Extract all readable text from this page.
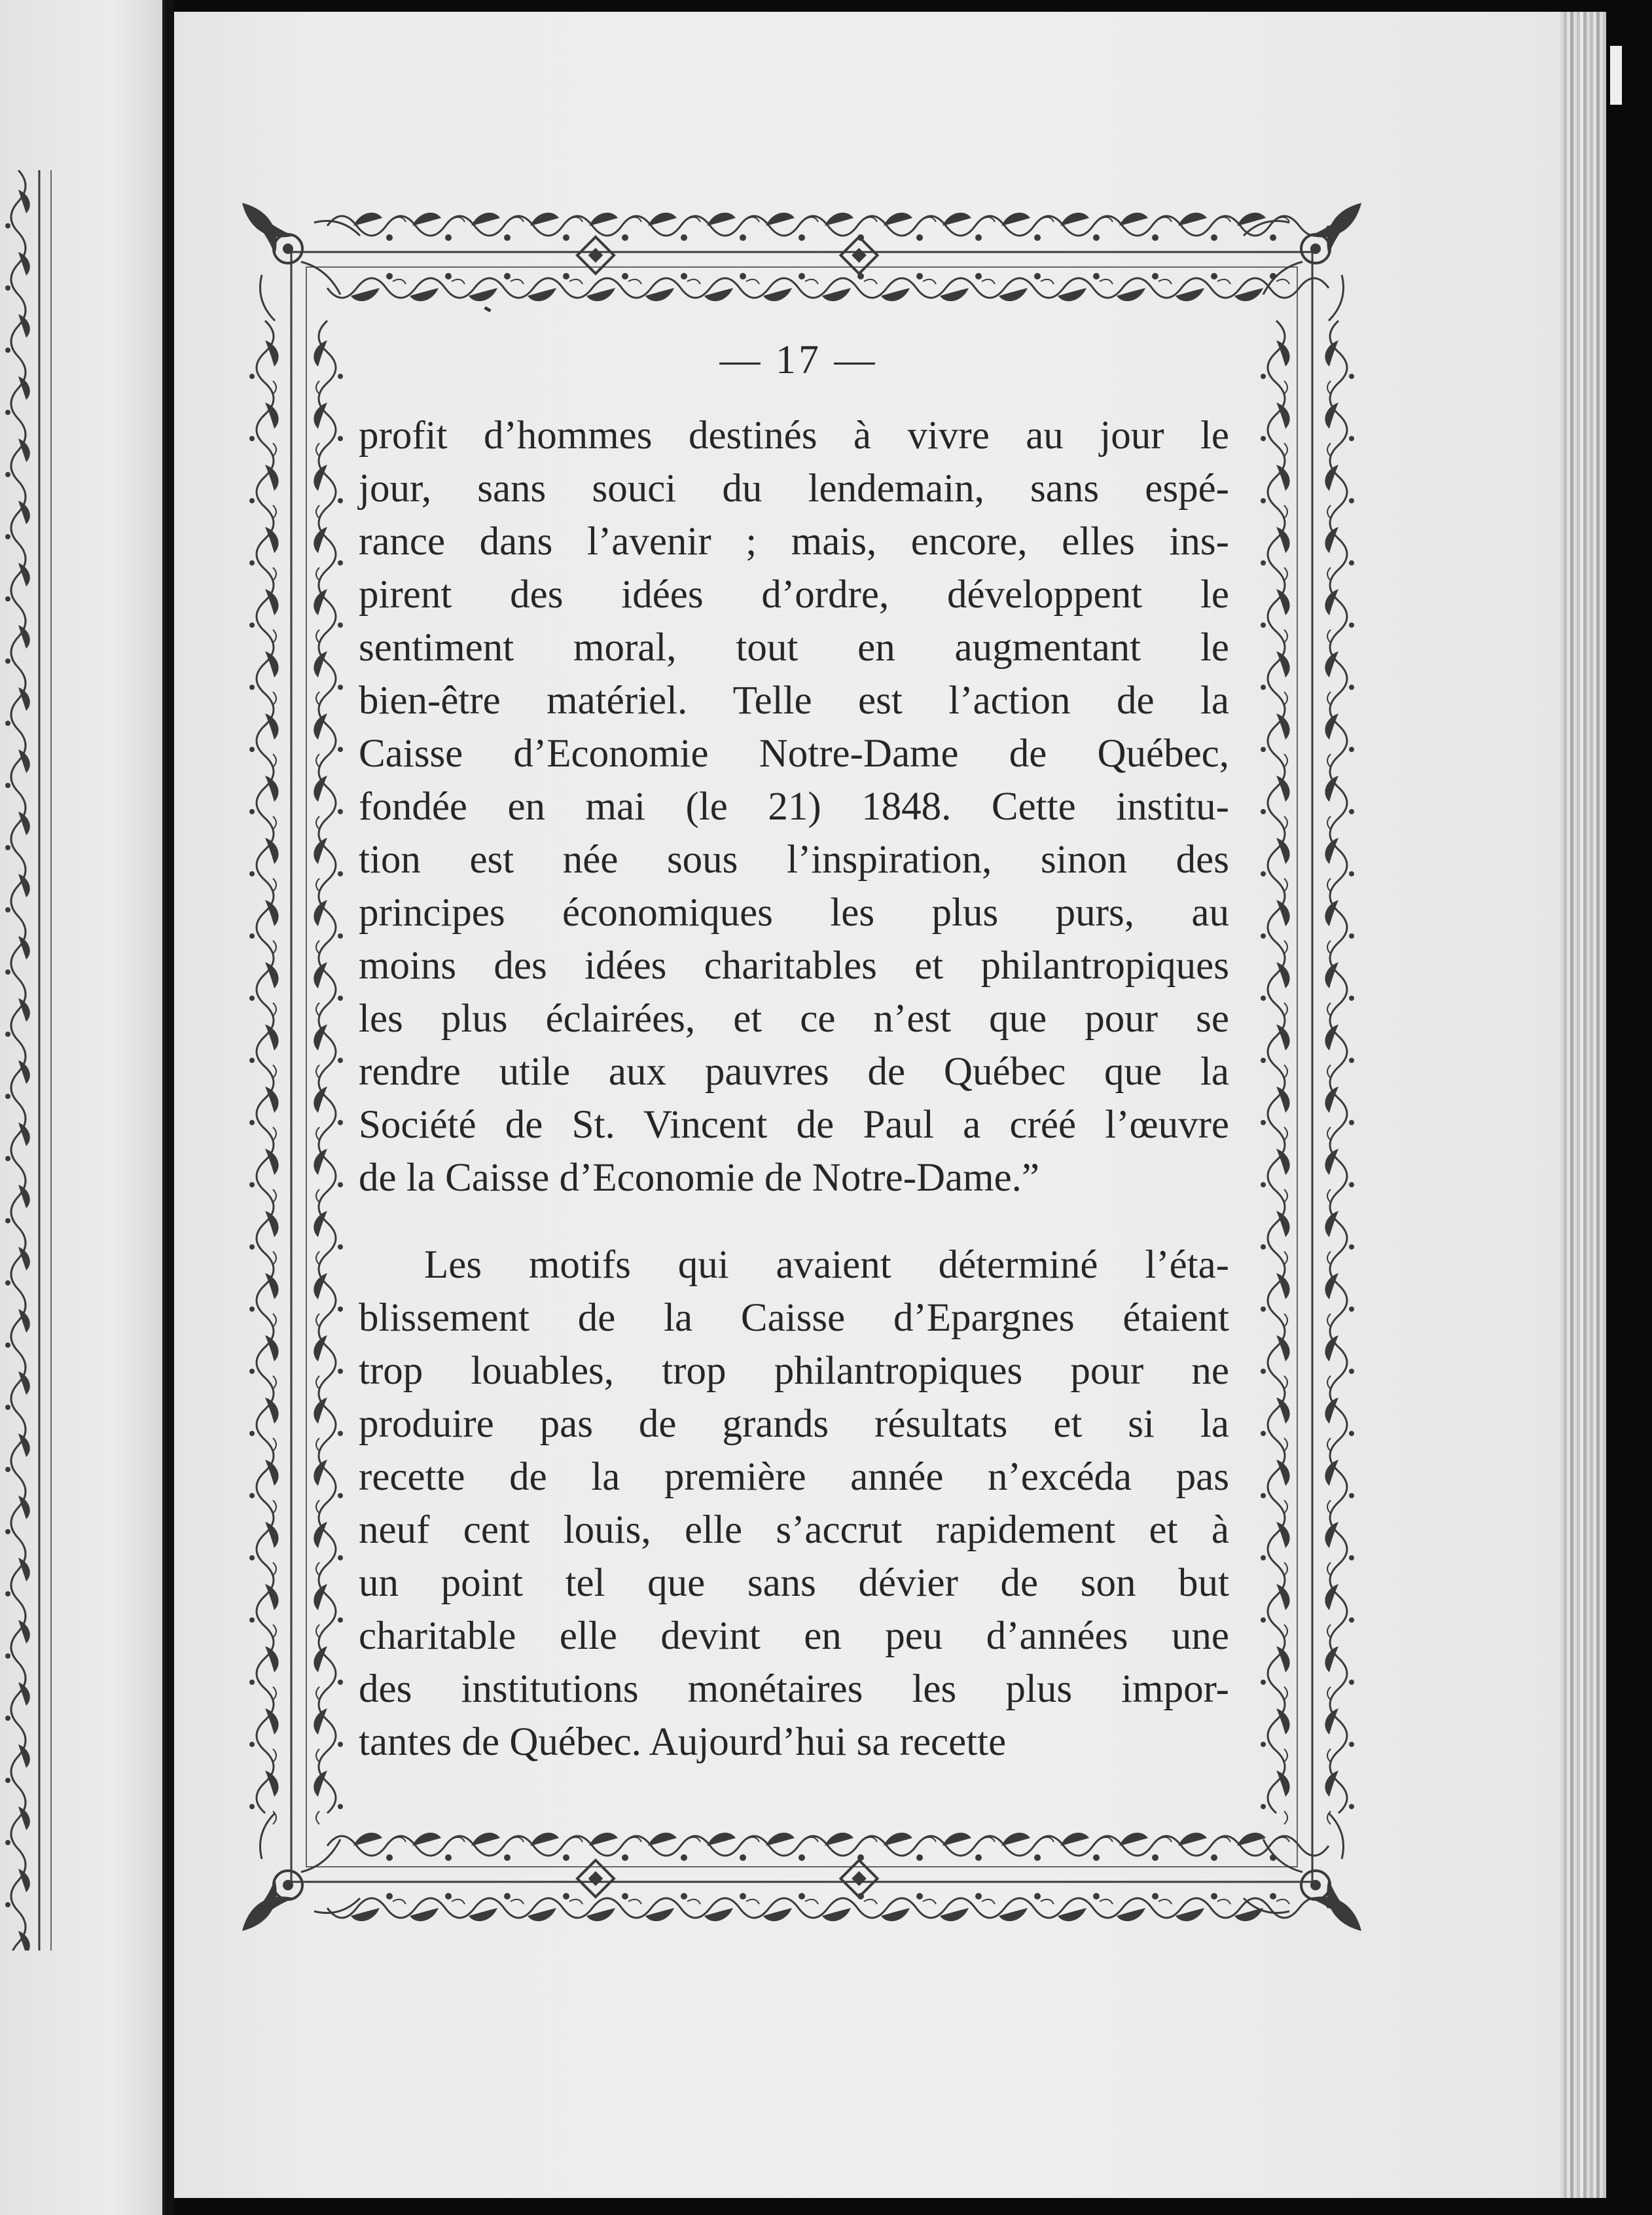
— 17 —

profit d’hommes destinés à vivre au jour le

jour, sans souci du lendemain, sans espé-

rance dans l’avenir ; mais, encore, elles ins-

pirent des idées d’ordre, développent le

sentiment moral, tout en augmentant le

bien-être matériel. Telle est l’action de la

Caisse d’Economie Notre-Dame de Québec,

fondée en mai (le 21) 1848. Cette institu-

tion est née sous l’inspiration, sinon des

principes économiques les plus purs, au

moins des idées charitables et philantropiques

les plus éclairées, et ce n’est que pour se

rendre utile aux pauvres de Québec que la

Société de St. Vincent de Paul a créé l’œuvre

de la Caisse d’Economie de Notre-Dame.”

Les motifs qui avaient déterminé l’éta-

blissement de la Caisse d’Epargnes étaient

trop louables, trop philantropiques pour ne

produire pas de grands résultats et si la

recette de la première année n’excéda pas

neuf cent louis, elle s’accrut rapidement et à

un point tel que sans dévier de son but

charitable elle devint en peu d’années une

des institutions monétaires les plus impor-

tantes de Québec. Aujourd’hui sa recette
